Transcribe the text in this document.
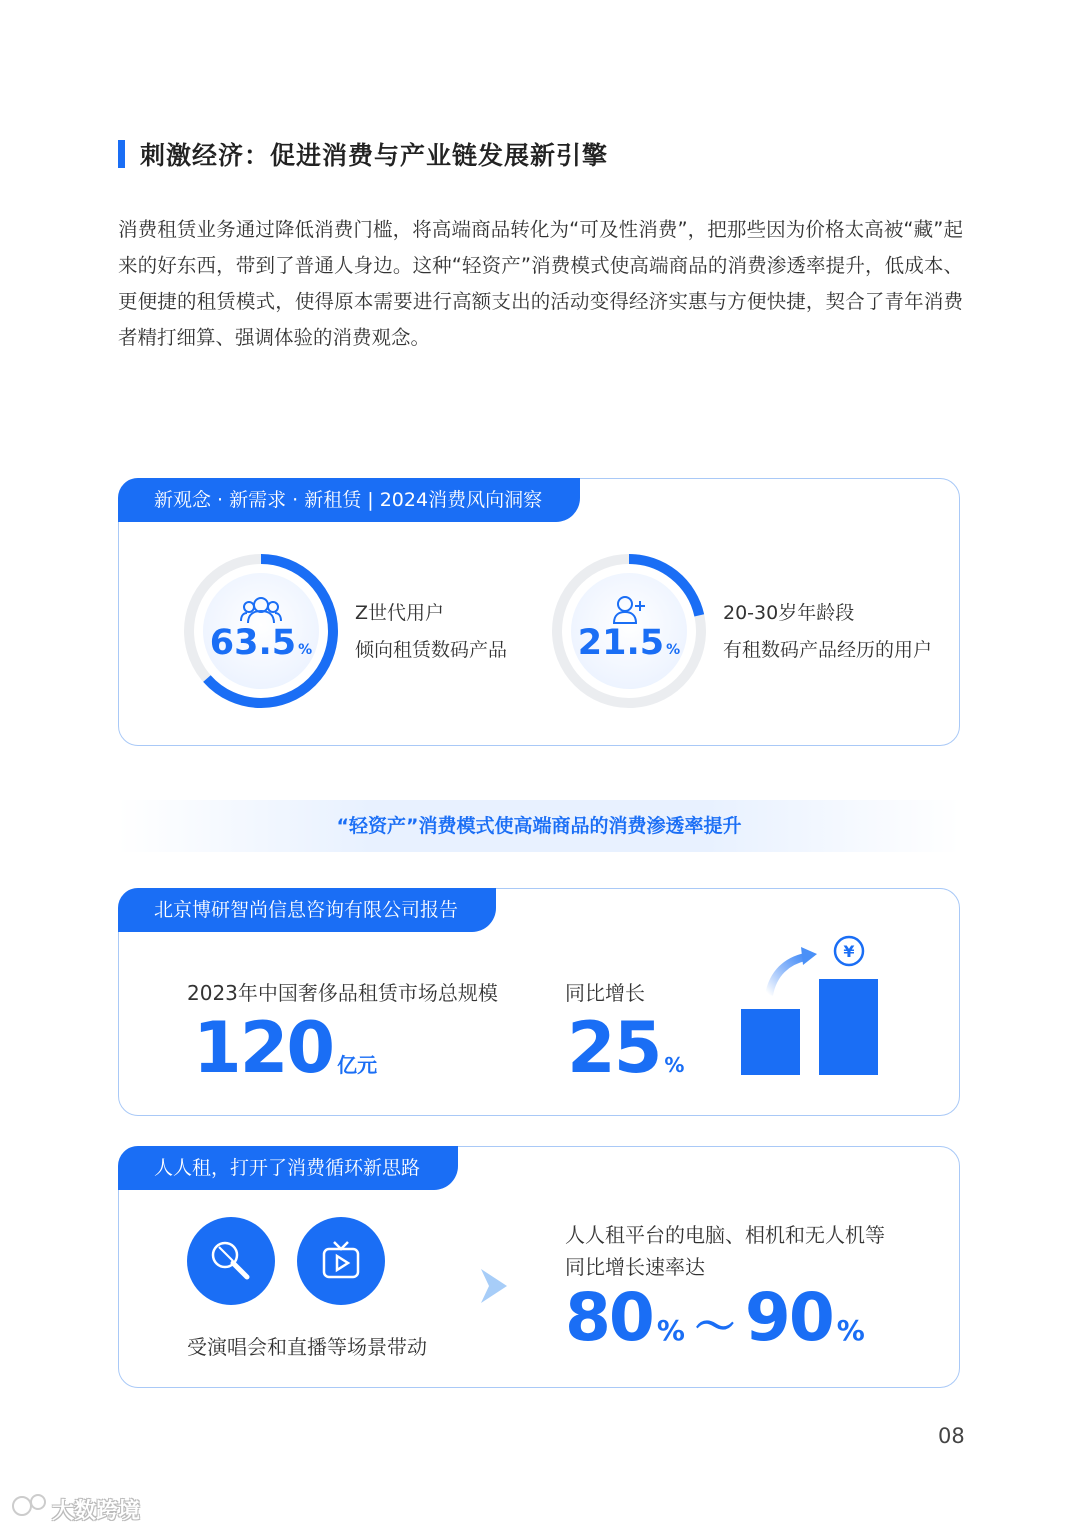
刺激经济：促进消费与产业链发展新引擎
消费租赁业务通过降低消费门槛，将高端商品转化为“可及性消费”，把那些因为价格太高被“藏”起来的好东西，带到了普通人身边。这种“轻资产”消费模式使高端商品的消费渗透率提升，低成本、更便捷的租赁模式，使得原本需要进行高额支出的活动变得经济实惠与方便快捷，契合了青年消费者精打细算、强调体验的消费观念。
新观念 · 新需求 · 新租赁 | 2024消费风向洞察
63.5 %
Z世代用户
倾向租赁数码产品 21.5 %
20-30岁年龄段
有租数码产品经历的用户
“轻资产”消费模式使高端商品的消费渗透率提升
北京博研智尚信息咨询有限公司报告
2023年中国奢侈品租赁市场总规模
120 亿元
同比增长
25 %
¥
人人租，打开了消费循环新思路
受演唱会和直播等场景带动
人人租平台的电脑、相机和无人机等
同比增长速率达
80 % ～ 90 %
08
大数跨境
